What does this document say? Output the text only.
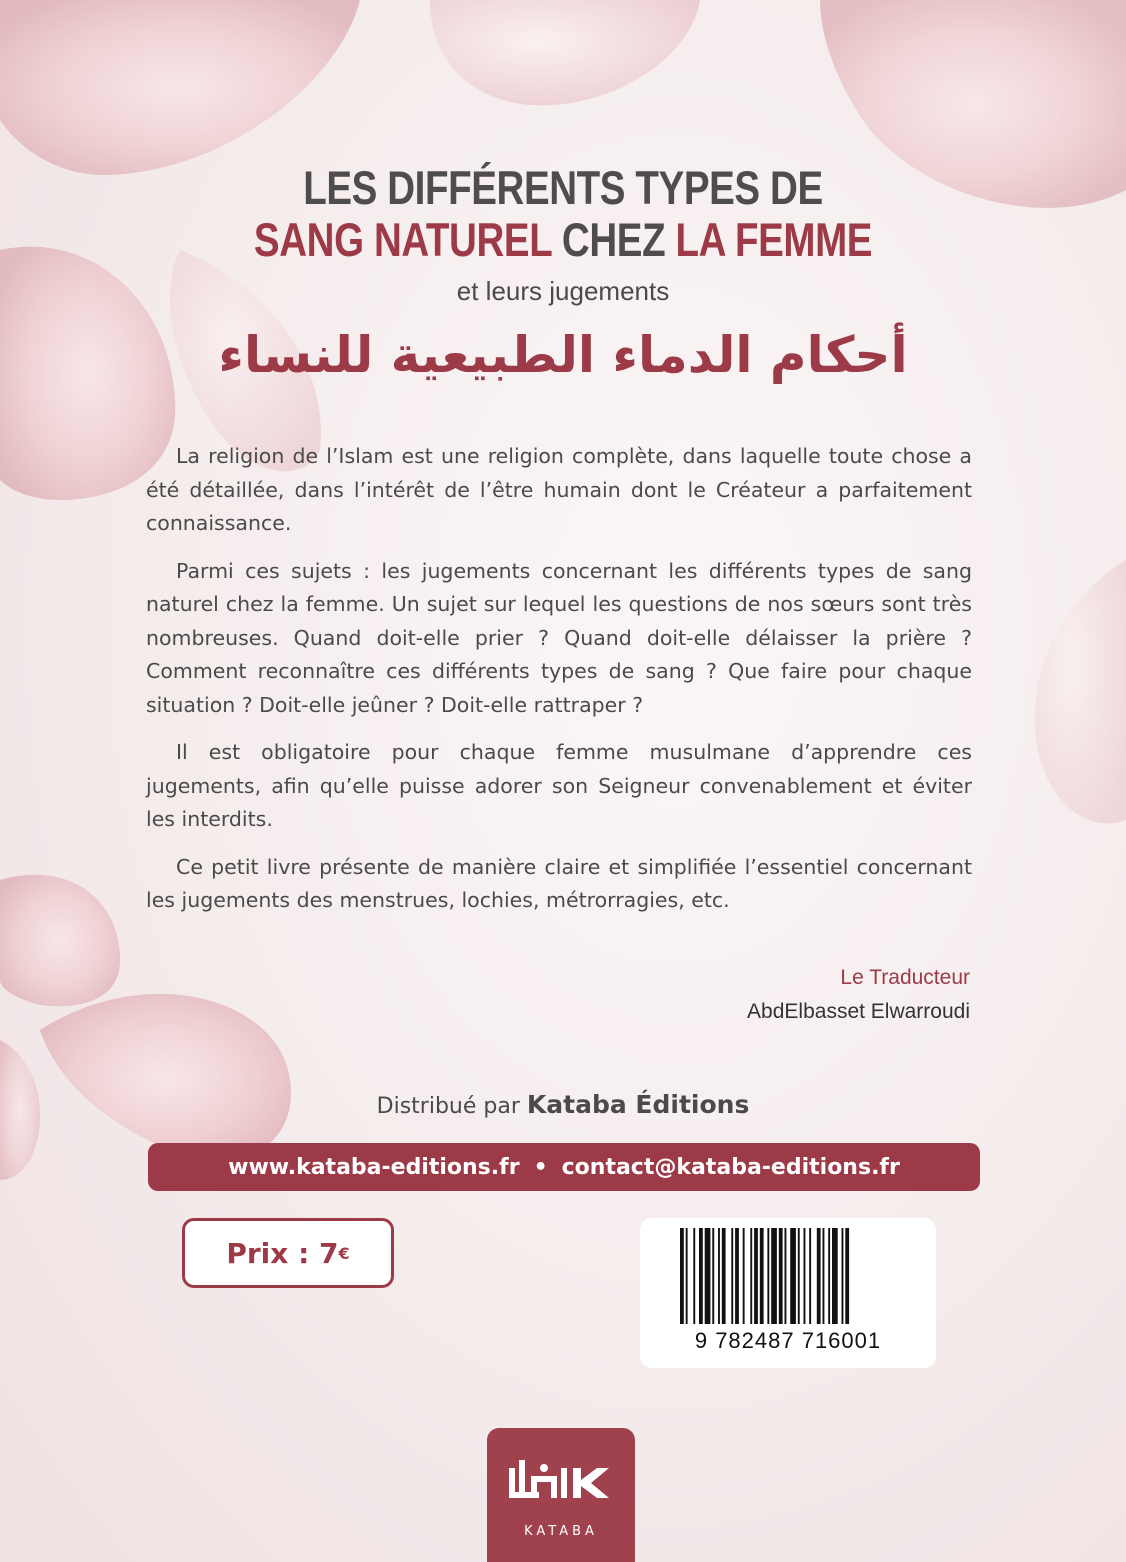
LES DIFFÉRENTS TYPES DE
SANG NATUREL CHEZ LA FEMME
et leurs jugements
أحكام الدماء الطبيعية للنساء

La religion de l’Islam est une religion complète, dans laquelle toute chose a été détaillée, dans l’intérêt de l’être humain dont le Créateur a parfaitement connaissance.

Parmi ces sujets : les jugements concernant les différents types de sang naturel chez la femme. Un sujet sur lequel les questions de nos sœurs sont très nombreuses. Quand doit-elle prier ? Quand doit-elle délaisser la prière ? Comment reconnaître ces différents types de sang ? Que faire pour chaque situation ? Doit-elle jeûner ? Doit-elle rattraper ?

Il est obligatoire pour chaque femme musulmane d’apprendre ces jugements, afin qu’elle puisse adorer son Seigneur convenablement et éviter les interdits.

Ce petit livre présente de manière claire et simplifiée l’essentiel concernant les jugements des menstrues, lochies, métrorragies, etc.

Le Traducteur
AbdElbasset Elwarroudi
Distribué par Kataba Éditions
www.kataba-editions.fr • contact@kataba-editions.fr
Prix : 7 €
9 782487 716001
KATABA
